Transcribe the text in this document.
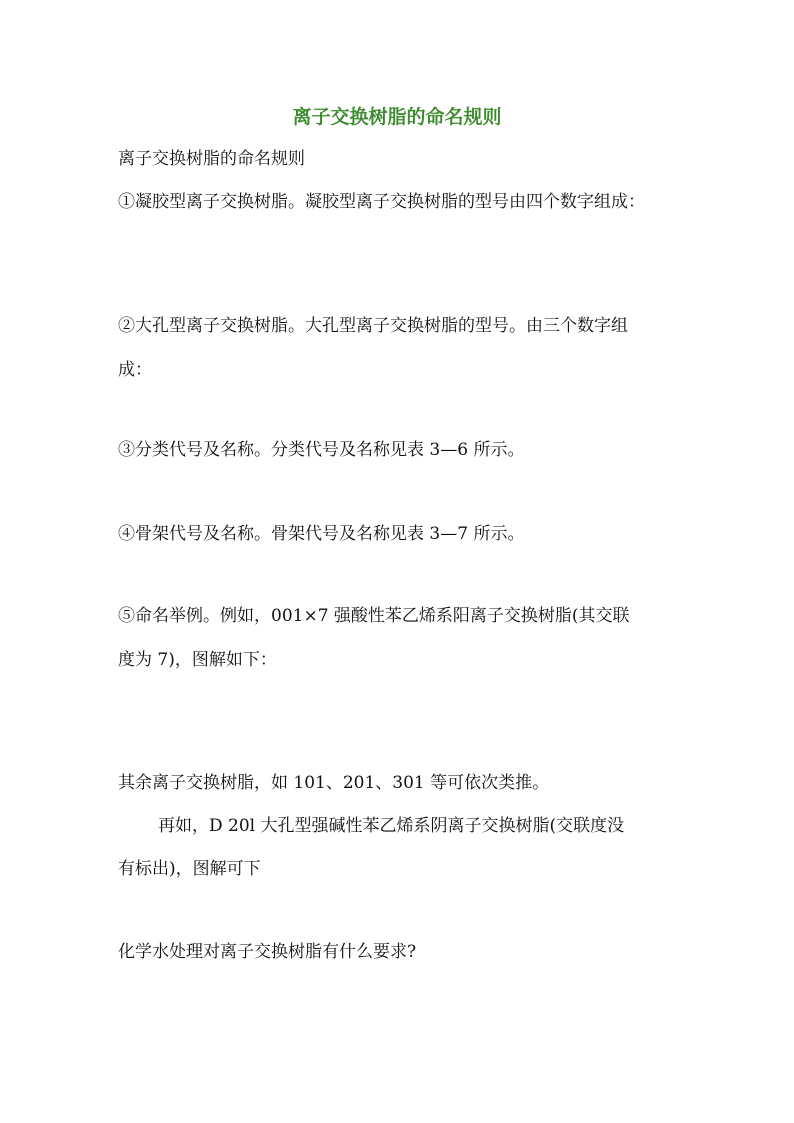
离子交换树脂的命名规则
离子交换树脂的命名规则
①凝胶型离子交换树脂。凝胶型离子交换树脂的型号由四个数字组成：
②大孔型离子交换树脂。大孔型离子交换树脂的型号。由三个数字组
成：
③分类代号及名称。分类代号及名称见表 3—6 所示。
④骨架代号及名称。骨架代号及名称见表 3—7 所示。
⑤命名举例。例如，001×7 强酸性苯乙烯系阳离子交换树脂(其交联
度为 7)，图解如下：
其余离子交换树脂，如 101、201、301 等可依次类推。
再如，D 20l 大孔型强碱性苯乙烯系阴离子交换树脂(交联度没
有标出)，图解可下
化学水处理对离子交换树脂有什么要求?
